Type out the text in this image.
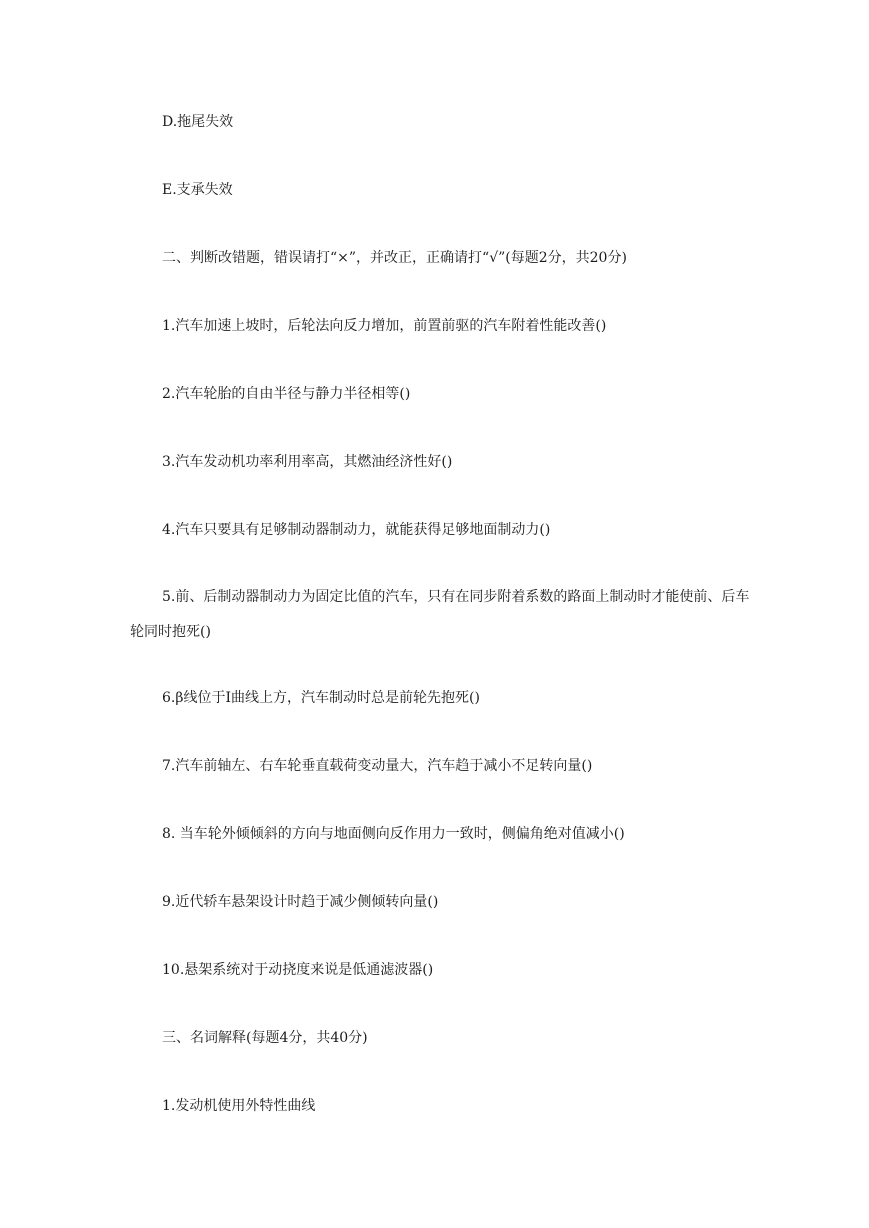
D.拖尾失效
E.支承失效
二、判断改错题，错误请打“×”，并改正，正确请打“√”(每题2分，共20分)
1.汽车加速上坡时，后轮法向反力增加，前置前驱的汽车附着性能改善()
2.汽车轮胎的自由半径与静力半径相等()
3.汽车发动机功率利用率高，其燃油经济性好()
4.汽车只要具有足够制动器制动力，就能获得足够地面制动力()
5.前、后制动器制动力为固定比值的汽车，只有在同步附着系数的路面上制动时才能使前、后车轮同时抱死()
6.β线位于I曲线上方，汽车制动时总是前轮先抱死()
7.汽车前轴左、右车轮垂直载荷变动量大，汽车趋于减小不足转向量()
8. 当车轮外倾倾斜的方向与地面侧向反作用力一致时，侧偏角绝对值减小()
9.近代轿车悬架设计时趋于减少侧倾转向量()
10.悬架系统对于动挠度来说是低通滤波器()
三、名词解释(每题4分，共40分)
1.发动机使用外特性曲线
